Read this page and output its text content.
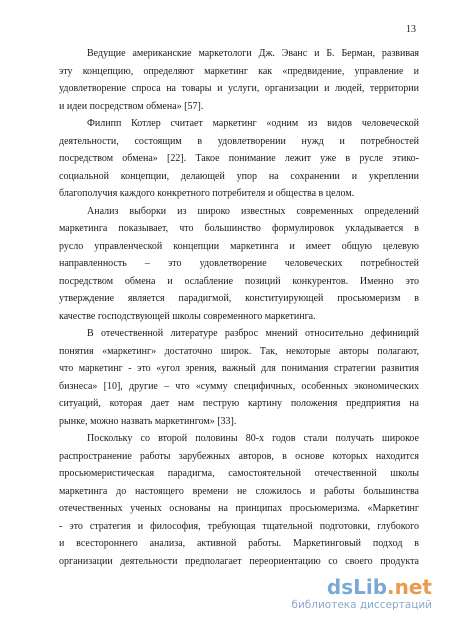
13
Ведущие американские маркетологи Дж. Эванс и Б. Берман, развивая
эту концепцию, определяют маркетинг как «предвидение, управление и
удовлетворение спроса на товары и услуги, организации и людей, территории
и идеи посредством обмена» [57].
Филипп Котлер считает маркетинг «одним из видов человеческой
деятельности, состоящим в удовлетворении нужд и потребностей
посредством обмена» [22]. Такое понимание лежит уже в русле этико-
социальной концепции, делающей упор на сохранении и укреплении
благополучия каждого конкретного потребителя и общества в целом.
Анализ выборки из широко известных современных определений
маркетинга показывает, что большинство формулировок укладывается в
русло управленческой концепции маркетинга и имеет общую целевую
направленность – это удовлетворение человеческих потребностей
посредством обмена и ослабление позиций конкурентов. Именно это
утверждение является парадигмой, конституирующей просьюмеризм в
качестве господствующей школы современного маркетинга.
В отечественной литературе разброс мнений относительно дефиниций
понятия «маркетинг» достаточно широк. Так, некоторые авторы полагают,
что маркетинг - это «угол зрения, важный для понимания стратегии развития
бизнеса» [10], другие – что «сумму специфичных, особенных экономических
ситуаций, которая дает нам пеструю картину положения предприятия на
рынке, можно назвать маркетингом» [33].
Поскольку со второй половины 80-х годов стали получать широкое
распространение работы зарубежных авторов, в основе которых находится
просьюмеристическая парадигма, самостоятельной отечественной школы
маркетинга до настоящего времени не сложилось и работы большинства
отечественных ученых основаны на принципах просьюмеризма. «Маркетинг
- это стратегия и философия, требующая тщательной подготовки, глубокого
и всестороннего анализа, активной работы. Маркетинговый подход в
организации деятельности предполагает переориентацию со своего продукта
dsLib.net
библиотека диссертаций
